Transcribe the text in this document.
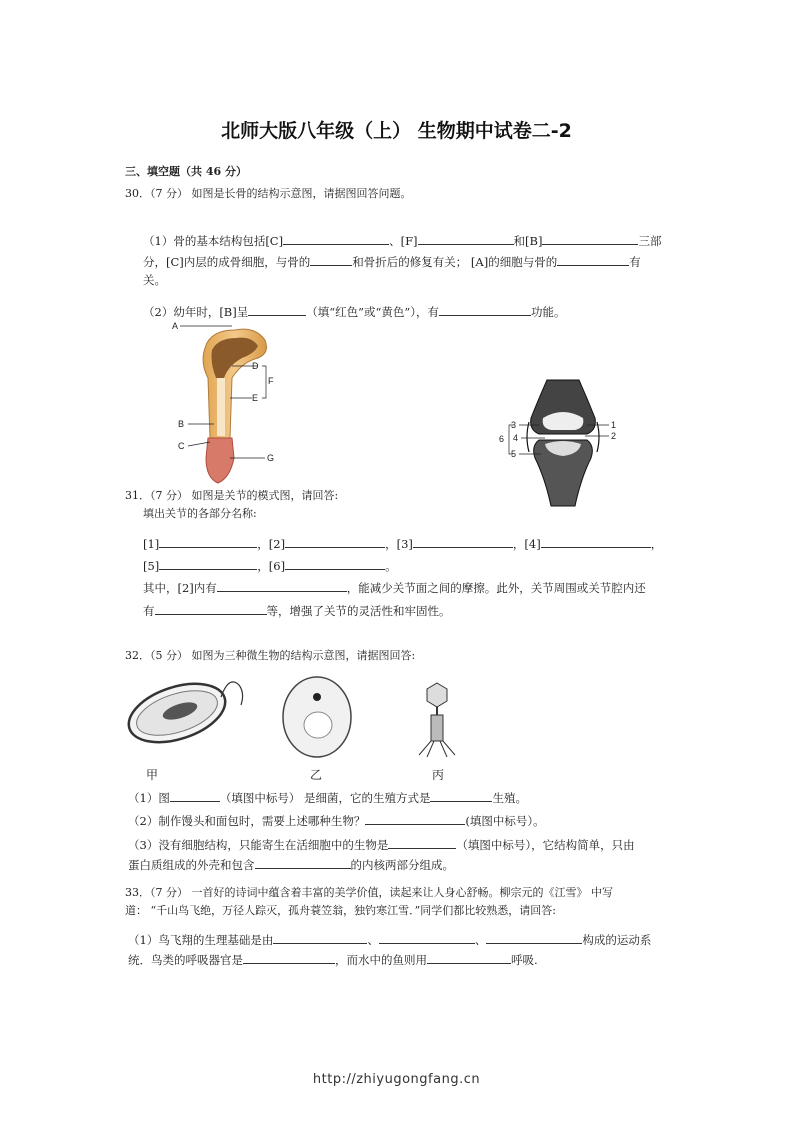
北师大版八年级（上） 生物期中试卷二-2
三、填空题（共 46 分）
30．（7 分） 如图是长骨的结构示意图，请据图回答问题。
（1）骨的基本结构包括[C]	、[F]	和[B]	三部
分，[C]内层的成骨细胞，与骨的	和骨折后的修复有关； [A]的细胞与骨的	有
关。
（2）幼年时，[B]呈	（填“红色”或“黄色”），有	功能。
A
B
C
D
E
F
G
3	1
6 4	2
5
31．（7 分） 如图是关节的模式图，请回答:
填出关节的各部分名称:
[1]	，[2]	，[3]	，[4]	，
[5]	，[6]	。
其中，[2]内有	，能减少关节面之间的摩擦。此外，关节周围或关节腔内还
有	等，增强了关节的灵活性和牢固性。
32．（5 分） 如图为三种微生物的结构示意图，请据图回答:
甲	乙	丙
（1）图	（填图中标号） 是细菌，它的生殖方式是	生殖。
（2）制作馒头和面包时，需要上述哪种生物？	(填图中标号）。
（3）没有细胞结构，只能寄生在活细胞中的生物是	（填图中标号），它结构简单，只由
蛋白质组成的外壳和包含	的内核两部分组成。
33．（7 分） 一首好的诗词中蕴含着丰富的美学价值，读起来让人身心舒畅。柳宗元的《江雪》 中写
道： “千山鸟飞绝，万径人踪灭，孤舟蓑笠翁，独钓寒江雪．”同学们都比较熟悉，请回答:
（1）鸟飞翔的生理基础是由	、	、	构成的运动系
统．鸟类的呼吸器官是	，而水中的鱼则用	呼吸.
http://zhiyugongfang.cn
